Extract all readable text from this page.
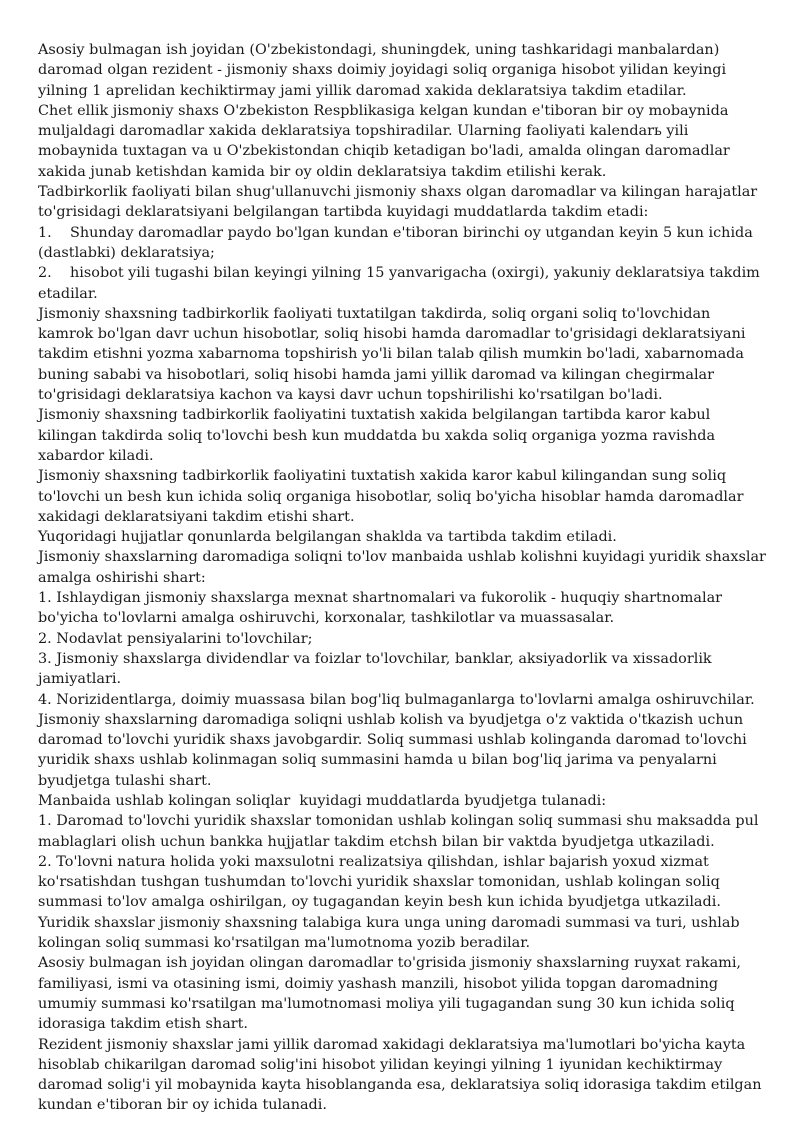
Asosiy bulmagan ish joyidan (O'zbekistondagi, shuningdek, uning tashkaridagi manbalardan) daromad olgan rezident - jismoniy shaxs doimiy joyidagi soliq organiga hisobot yilidan keyingi yilning 1 aprelidan kechiktirmay jami yillik daromad xakida deklaratsiya takdim etadilar.

Chet ellik jismoniy shaxs O'zbekiston Respblikasiga kelgan kundan e'tiboran bir oy mobaynida muljaldagi daromadlar xakida deklaratsiya topshiradilar. Ularning faoliyati kalendarь yili mobaynida tuxtagan va u O'zbekistondan chiqib ketadigan bo'ladi, amalda olingan daromadlar xakida junab ketishdan kamida bir oy oldin deklaratsiya takdim etilishi kerak.

Tadbirkorlik faoliyati bilan shug'ullanuvchi jismoniy shaxs olgan daromadlar va kilingan harajatlar to'grisidagi deklaratsiyani belgilangan tartibda kuyidagi muddatlarda takdim etadi:

1.    Shunday daromadlar paydo bo'lgan kundan e'tiboran birinchi oy utgandan keyin 5 kun ichida (dastlabki) deklaratsiya;

2.    hisobot yili tugashi bilan keyingi yilning 15 yanvarigacha (oxirgi), yakuniy deklaratsiya takdim etadilar.

Jismoniy shaxsning tadbirkorlik faoliyati tuxtatilgan takdirda, soliq organi soliq to'lovchidan kamrok bo'lgan davr uchun hisobotlar, soliq hisobi hamda daromadlar to'grisidagi deklaratsiyani takdim etishni yozma xabarnoma topshirish yo'li bilan talab qilish mumkin bo'ladi, xabarnomada buning sababi va hisobotlari, soliq hisobi hamda jami yillik daromad va kilingan chegirmalar to'grisidagi deklaratsiya kachon va kaysi davr uchun topshirilishi ko'rsatilgan bo'ladi.

Jismoniy shaxsning tadbirkorlik faoliyatini tuxtatish xakida belgilangan tartibda karor kabul kilingan takdirda soliq to'lovchi besh kun muddatda bu xakda soliq organiga yozma ravishda xabardor kiladi.

Jismoniy shaxsning tadbirkorlik faoliyatini tuxtatish xakida karor kabul kilingandan sung soliq to'lovchi un besh kun ichida soliq organiga hisobotlar, soliq bo'yicha hisoblar hamda daromadlar xakidagi deklaratsiyani takdim etishi shart.

Yuqoridagi hujjatlar qonunlarda belgilangan shaklda va tartibda takdim etiladi.

Jismoniy shaxslarning daromadiga soliqni to'lov manbaida ushlab kolishni kuyidagi yuridik shaxslar amalga oshirishi shart:

1. Ishlaydigan jismoniy shaxslarga mexnat shartnomalari va fukorolik - huquqiy shartnomalar bo'yicha to'lovlarni amalga oshiruvchi, korxonalar, tashkilotlar va muassasalar.

2. Nodavlat pensiyalarini to'lovchilar;

3. Jismoniy shaxslarga dividendlar va foizlar to'lovchilar, banklar, aksiyadorlik va xissadorlik jamiyatlari.

4. Norizidentlarga, doimiy muassasa bilan bog'liq bulmaganlarga to'lovlarni amalga oshiruvchilar.

Jismoniy shaxslarning daromadiga soliqni ushlab kolish va byudjetga o'z vaktida o'tkazish uchun daromad to'lovchi yuridik shaxs javobgardir. Soliq summasi ushlab kolinganda daromad to'lovchi yuridik shaxs ushlab kolinmagan soliq summasini hamda u bilan bog'liq jarima va penyalarni byudjetga tulashi shart.

Manbaida ushlab kolingan soliqlar  kuyidagi muddatlarda byudjetga tulanadi:

1. Daromad to'lovchi yuridik shaxslar tomonidan ushlab kolingan soliq summasi shu maksadda pul mablaglari olish uchun bankka hujjatlar takdim etchsh bilan bir vaktda byudjetga utkaziladi.

2. To'lovni natura holida yoki maxsulotni realizatsiya qilishdan, ishlar bajarish yoxud xizmat ko'rsatishdan tushgan tushumdan to'lovchi yuridik shaxslar tomonidan, ushlab kolingan soliq summasi to'lov amalga oshirilgan, oy tugagandan keyin besh kun ichida byudjetga utkaziladi.

Yuridik shaxslar jismoniy shaxsning talabiga kura unga uning daromadi summasi va turi, ushlab kolingan soliq summasi ko'rsatilgan ma'lumotnoma yozib beradilar.

Asosiy bulmagan ish joyidan olingan daromadlar to'grisida jismoniy shaxslarning ruyxat rakami, familiyasi, ismi va otasining ismi, doimiy yashash manzili, hisobot yilida topgan daromadning umumiy summasi ko'rsatilgan ma'lumotnomasi moliya yili tugagandan sung 30 kun ichida soliq idorasiga takdim etish shart.

Rezident jismoniy shaxslar jami yillik daromad xakidagi deklaratsiya ma'lumotlari bo'yicha kayta hisoblab chikarilgan daromad solig'ini hisobot yilidan keyingi yilning 1 iyunidan kechiktirmay daromad solig'i yil mobaynida kayta hisoblanganda esa, deklaratsiya soliq idorasiga takdim etilgan kundan e'tiboran bir oy ichida tulanadi.
